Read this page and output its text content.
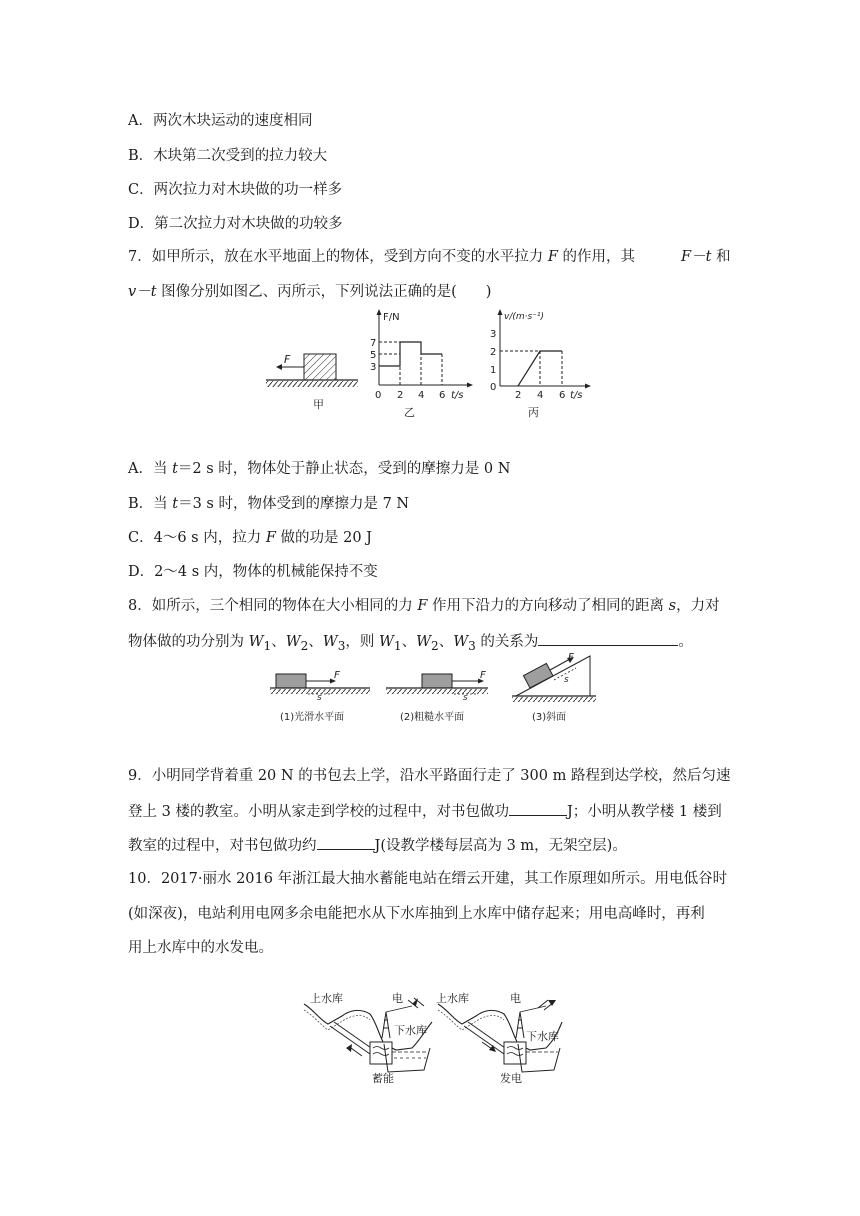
A．两次木块运动的速度相同
B．木块第二次受到的拉力较大
C．两次拉力对木块做的功一样多
D．第二次拉力对木块做的功较多
7．如甲所示，放在水平地面上的物体，受到方向不变的水平拉力 F 的作用，其	F－t 和
v－t 图像分别如图乙、丙所示，下列说法正确的是(　　)
F
甲
F/N
7
5
3
0 2 4 6 t/s
乙
v/(m·s⁻¹)
3
2
1
0
2 4 6 t/s
丙
A．当 t＝2 s 时，物体处于静止状态，受到的摩擦力是 0 N
B．当 t＝3 s 时，物体受到的摩擦力是 7 N
C．4～6 s 内，拉力 F 做的功是 20 J
D．2～4 s 内，物体的机械能保持不变
8．如所示，三个相同的物体在大小相同的力 F 作用下沿力的方向移动了相同的距离 s，力对
物体做的功分别为 $W_1$、$W_2$、$W_3$，则 $W_1$、$W_2$、$W_3$ 的关系为	。
F
s
(1)光滑水平面
F
s
(2)粗糙水平面
F
s
(3)斜面
9．小明同学背着重 20 N 的书包去上学，沿水平路面行走了 300 m 路程到达学校，然后匀速
登上 3 楼的教室。小明从家走到学校的过程中，对书包做功	J；小明从教学楼 1 楼到
教室的过程中，对书包做功约	J(设教学楼每层高为 3 m，无架空层)。
10．2017·丽水 2016 年浙江最大抽水蓄能电站在缙云开建，其工作原理如所示。用电低谷时
(如深夜)，电站利用电网多余电能把水从下水库抽到上水库中储存起来；用电高峰时，再利
用上水库中的水发电。
上水库
下水库
电
蓄能
上水库
下水库
电
发电
